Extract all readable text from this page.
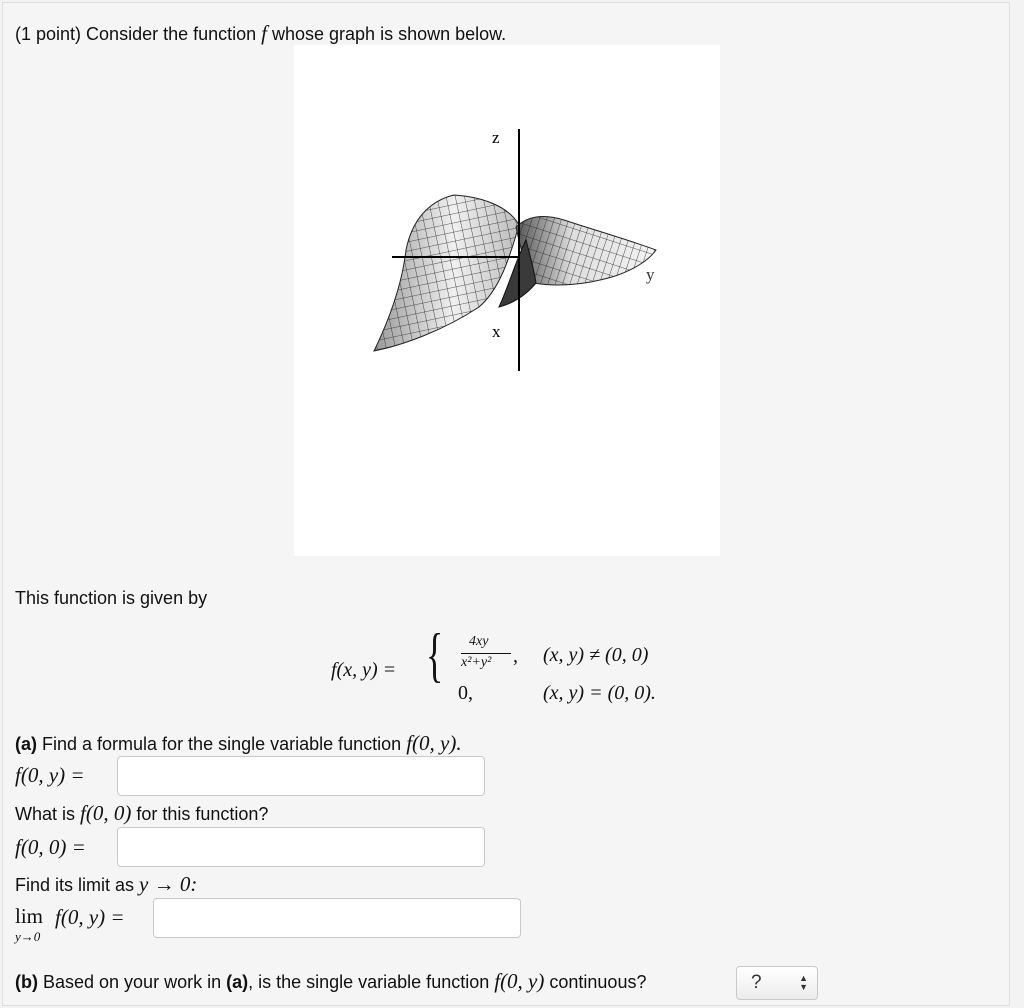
(1 point) Consider the function f whose graph is shown below.
z
x
y
This function is given by
f(x, y) = { 4xy
x²+y² , (x, y) ≠ (0, 0)
0,	(x, y) = (0, 0).
(a) Find a formula for the single variable function f(0, y).
f(0, y) =
What is f(0, 0) for this function?
f(0, 0) =
Find its limit as y → 0:
lim
y→0
f(0, y) =
(b) Based on your work in (a), is the single variable function f(0, y) continuous?	?	▲
▼
